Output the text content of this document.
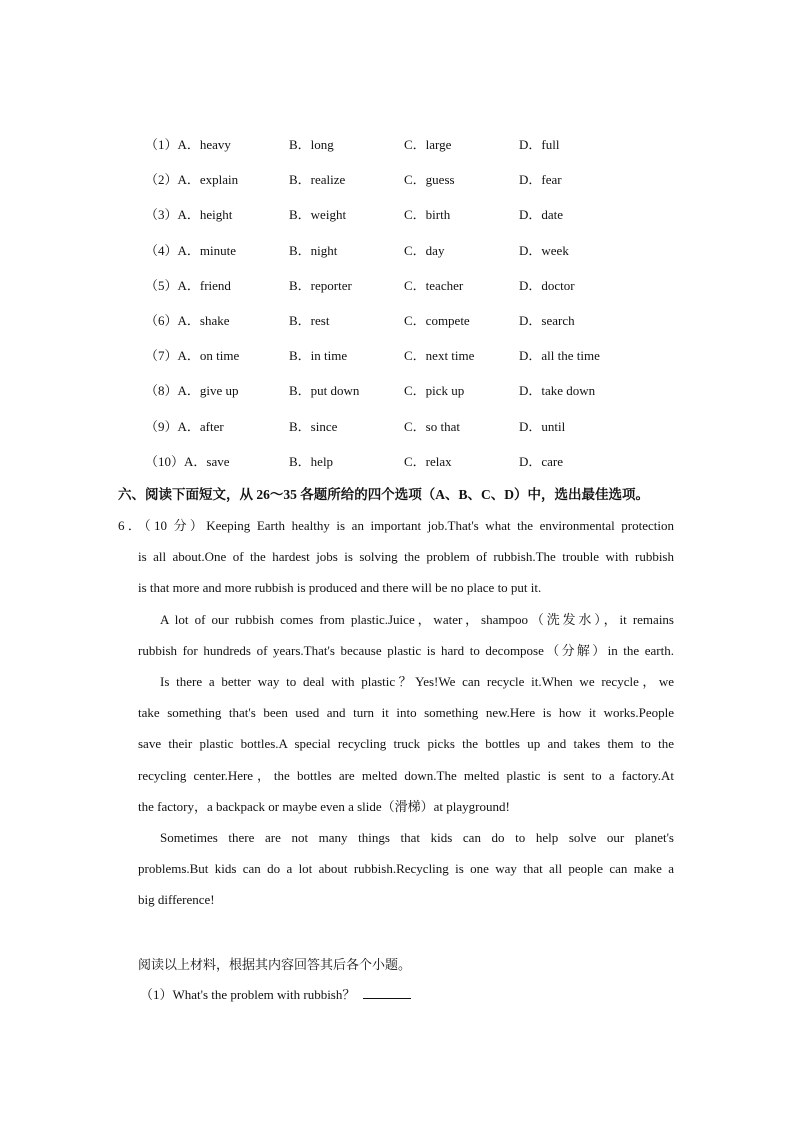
（1）A．heavy	B．long	C．large	D．full
（2）A．explain	B．realize	C．guess	D．fear
（3）A．height	B．weight	C．birth	D．date
（4）A．minute	B．night	C．day	D．week
（5）A．friend	B．reporter	C．teacher	D．doctor
（6）A．shake	B．rest	C．compete	D．search
（7）A．on time	B．in time	C．next time	D．all the time
（8）A．give up	B．put down	C．pick up	D．take down
（9）A．after	B．since	C．so that	D．until
（10）A．save	B．help	C．relax	D．care
六、阅读下面短文，从 26～35 各题所给的四个选项（A、B、C、D）中，选出最佳选项。
6．（10 分）Keeping Earth healthy is an important job.That's what the environmental protection
is all about.One of the hardest jobs is solving the problem of rubbish.The trouble with rubbish
is that more and more rubbish is produced and there will be no place to put it.
A lot of our rubbish comes from plastic.Juice，water，shampoo（洗发水），it remains
rubbish for hundreds of years.That's because plastic is hard to decompose（分解）in the earth.
Is there a better way to deal with plastic？Yes!We can recycle it.When we recycle，we
take something that's been used and turn it into something new.Here is how it works.People
save their plastic bottles.A special recycling truck picks the bottles up and takes them to the
recycling center.Here，the bottles are melted down.The melted plastic is sent to a factory.At
the factory，a backpack or maybe even a slide（滑梯）at playground!
Sometimes there are not many things that kids can do to help solve our planet's
problems.But kids can do a lot about rubbish.Recycling is one way that all people can make a
big difference!
阅读以上材料，根据其内容回答其后各个小题。
（1）What's the problem with rubbish？
